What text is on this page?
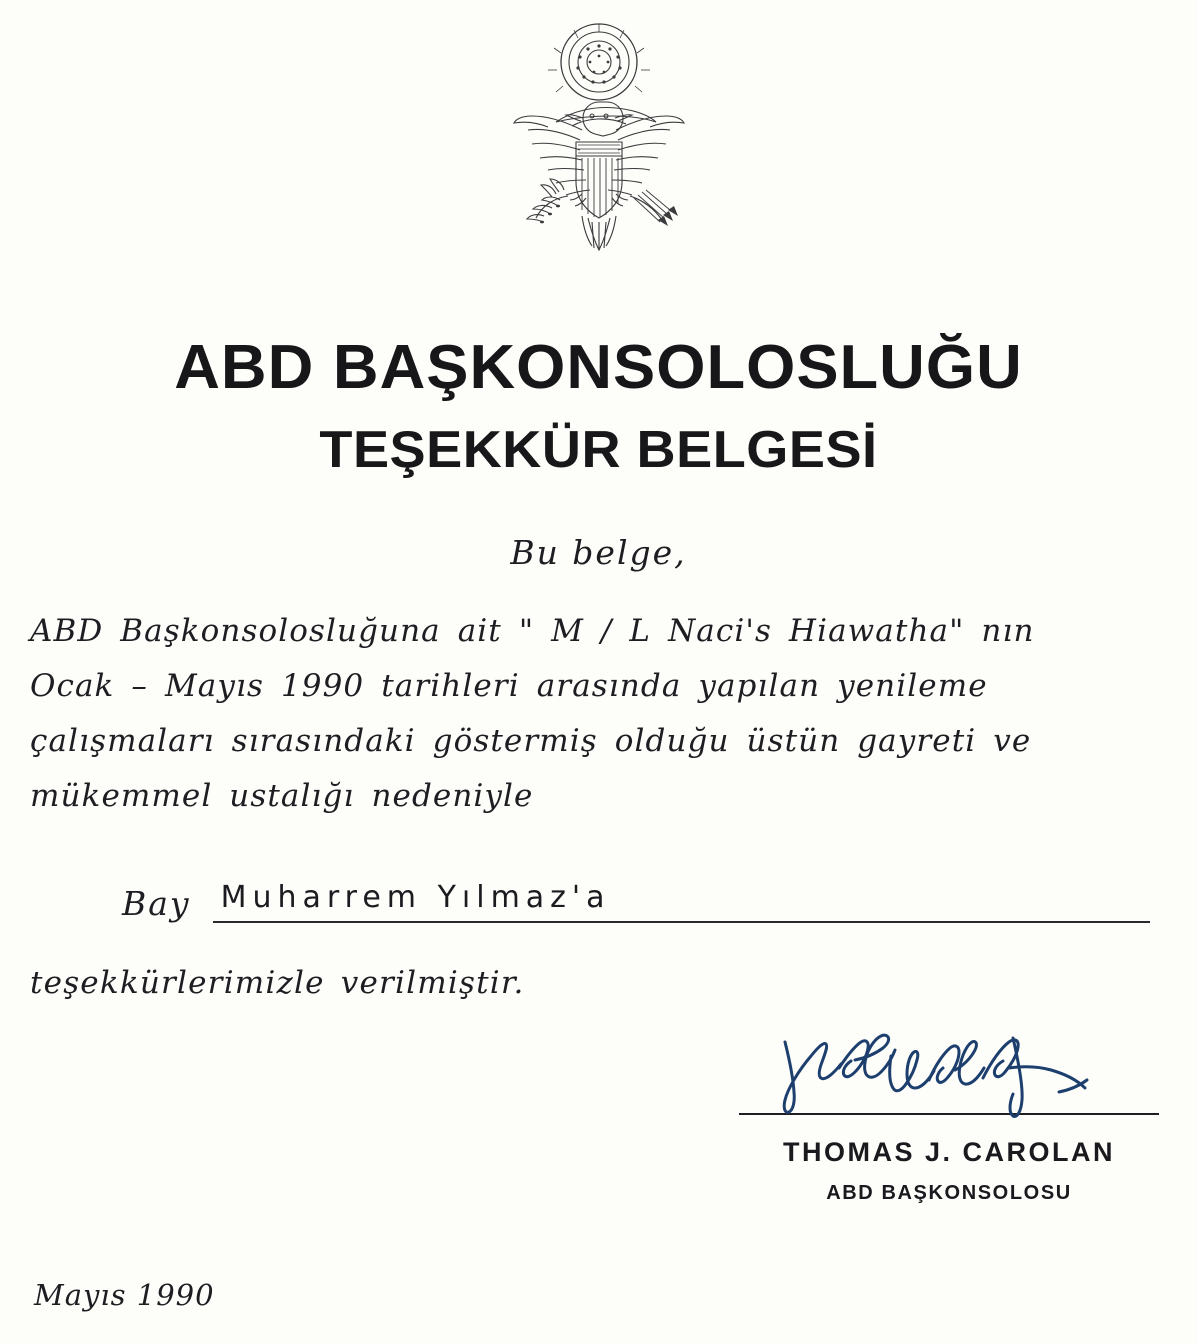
ABD BAŞKONSOLOSLUĞU
TEŞEKKÜR BELGESİ
Bu belge,
ABD Başkonsolosluğuna ait " M / L Naci's Hiawatha" nın
Ocak – Mayıs 1990 tarihleri arasında yapılan yenileme
çalışmaları sırasındaki göstermiş olduğu üstün gayreti ve
mükemmel ustalığı nedeniyle
Bay	Muharrem Yılmaz'a
teşekkürlerimizle verilmiştir.
THOMAS J. CAROLAN
ABD BAŞKONSOLOSU
Mayıs 1990
